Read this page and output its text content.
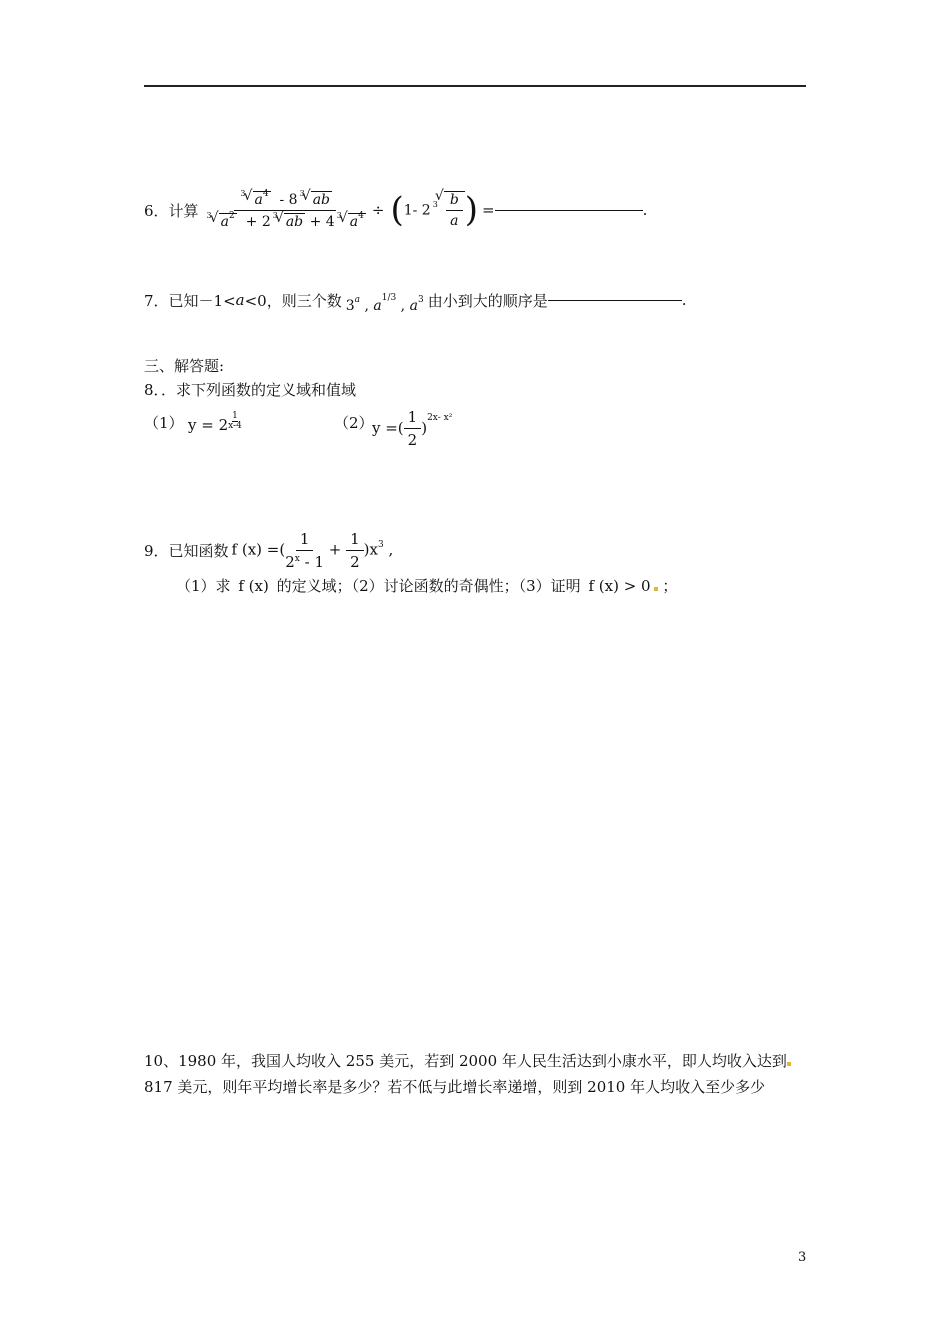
6．计算 $\frac{^3 √ a^4 - 8 ^3 √ ab}{^3 √ a^2 + 2 ^3 √ ab + 4 ^3 √ a^4}$ ÷ ( 1- 2 $^3$ √ $\frac{b}{a}$ ) =	.
7．已知－1< a <0，则三个数 3$^a$ , $a^{1/3}$ , $a^3$ 由小到大的顺序是	.
三、解答题:
8．．求下列函数的定义域和值域
（1） $y = 2 \frac{1}{x-4}$	（2）
y =( $\frac{1}{2}$ )
2x- x²
9．已知函数 f (x) =( $\frac{1}{2^x - 1} + \frac{1}{2} )x^3$ ,
（1）求 f (x) 的定义域；（2）讨论函数的奇偶性；（3）证明 f (x) > 0 ；
10、1980 年，我国人均收入 255 美元，若到 2000 年人民生活达到小康水平，即人均收入达到
817 美元，则年平均增长率是多少？若不低与此增长率递增，则到 2010 年人均收入至少多少
3
